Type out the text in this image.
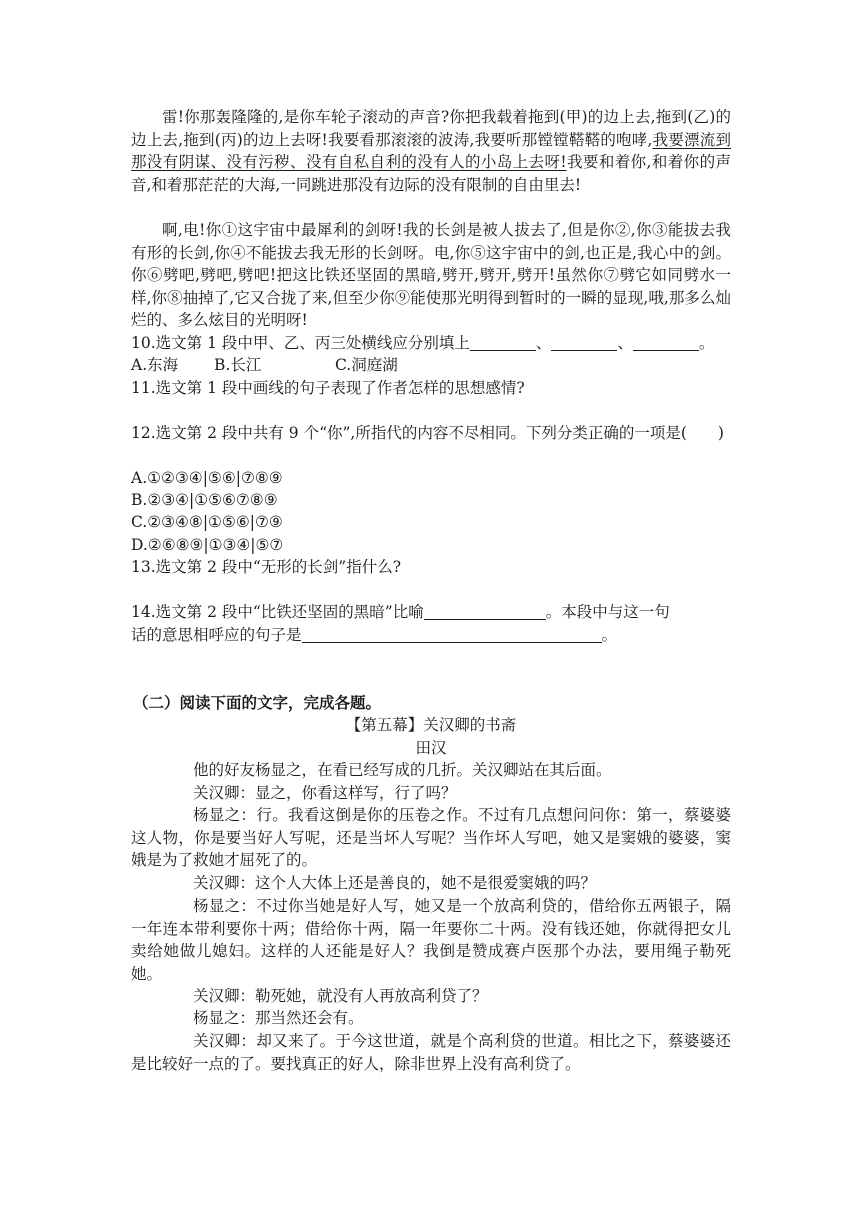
雷!你那轰隆隆的,是你车轮子滚动的声音?你把我载着拖到(甲)的边上去,拖到(乙)的边上去,拖到(丙)的边上去呀!我要看那滚滚的波涛,我要听那镗镗鞳鞳的咆哮,我要漂流到那没有阴谋、没有污秽、没有自私自利的没有人的小岛上去呀!我要和着你,和着你的声音,和着那茫茫的大海,一同跳进那没有边际的没有限制的自由里去!

啊,电!你①这宇宙中最犀利的剑呀!我的长剑是被人拔去了,但是你②,你③能拔去我有形的长剑,你④不能拔去我无形的长剑呀。电,你⑤这宇宙中的剑,也正是,我心中的剑。你⑥劈吧,劈吧,劈吧!把这比铁还坚固的黑暗,劈开,劈开,劈开!虽然你⑦劈它如同劈水一样,你⑧抽掉了,它又合拢了来,但至少你⑨能使那光明得到暂时的一瞬的显现,哦,那多么灿烂的、多么炫目的光明呀!

10.选文第 1 段中甲、乙、丙三处横线应分别填上	、	、	。
A.东海 B.长江	C.洞庭湖
11.选文第 1 段中画线的句子表现了作者怎样的思想感情?

12.选文第 2 段中共有 9 个“你”,所指代的内容不尽相同。下列分类正确的一项是(　　)

A.①②③④|⑤⑥|⑦⑧⑨
B.②③④|①⑤⑥⑦⑧⑨
C.②③④⑧|①⑤⑥|⑦⑨
D.②⑥⑧⑨|①③④|⑤⑦
13.选文第 2 段中“无形的长剑”指什么?
14.选文第 2 段中“比铁还坚固的黑暗”比喻	。本段中与这一句
话的意思相呼应的句子是	。
（二）阅读下面的文字，完成各题。
【第五幕】关汉卿的书斋
田汉

他的好友杨显之，在看已经写成的几折。关汉卿站在其后面。

关汉卿：显之，你看这样写，行了吗？

杨显之：行。我看这倒是你的压卷之作。不过有几点想问问你：第一，蔡婆婆这人物，你是要当好人写呢，还是当坏人写呢？当作坏人写吧，她又是窦娥的婆婆，窦娥是为了救她才屈死了的。

关汉卿：这个人大体上还是善良的，她不是很爱窦娥的吗？

杨显之：不过你当她是好人写，她又是一个放高利贷的，借给你五两银子，隔一年连本带利要你十两；借给你十两，隔一年要你二十两。没有钱还她，你就得把女儿卖给她做儿媳妇。这样的人还能是好人？我倒是赞成赛卢医那个办法，要用绳子勒死她。

关汉卿：勒死她，就没有人再放高利贷了？

杨显之：那当然还会有。

关汉卿：却又来了。于今这世道，就是个高利贷的世道。相比之下，蔡婆婆还是比较好一点的了。要找真正的好人，除非世界上没有高利贷了。
